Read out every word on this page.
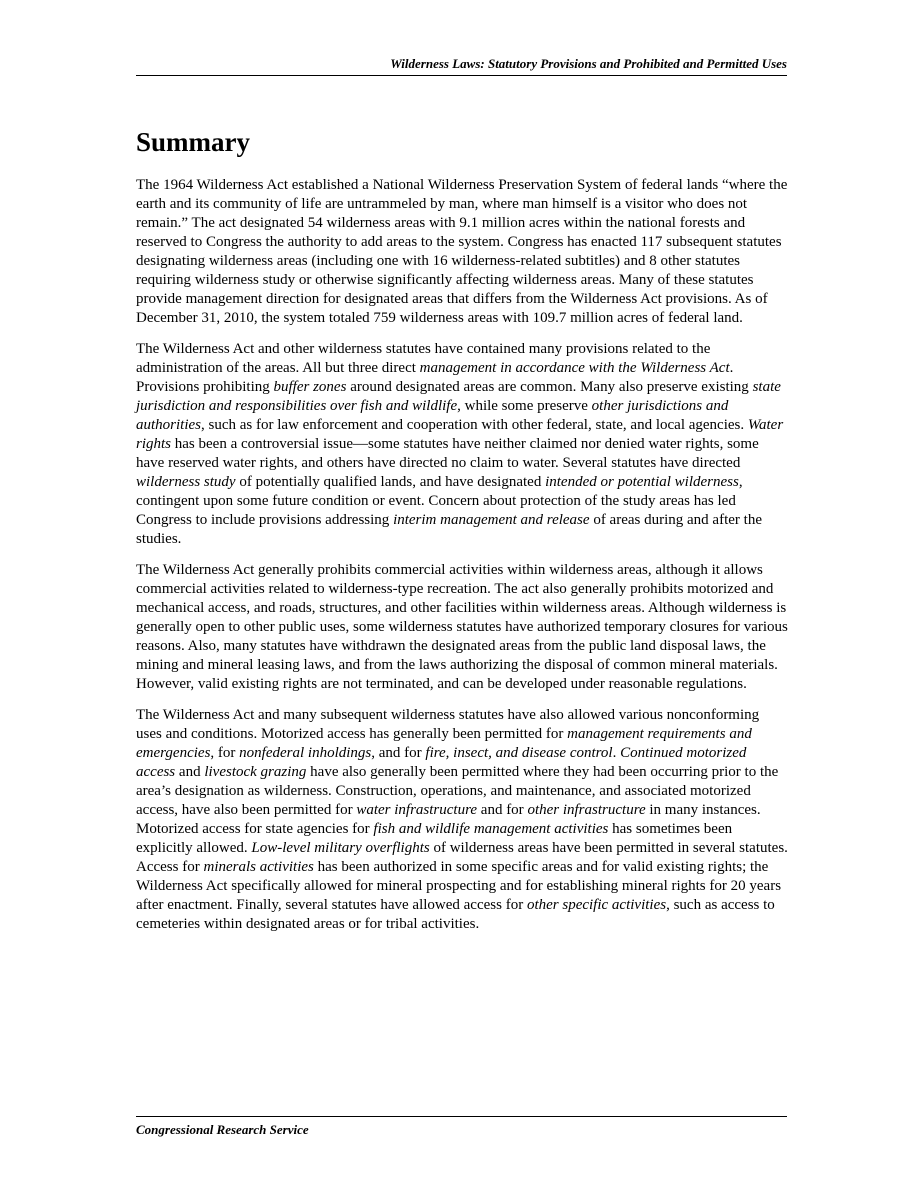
Wilderness Laws: Statutory Provisions and Prohibited and Permitted Uses
Summary

The 1964 Wilderness Act established a National Wilderness Preservation System of federal lands “where the earth and its community of life are untrammeled by man, where man himself is a visitor who does not remain.” The act designated 54 wilderness areas with 9.1 million acres within the national forests and reserved to Congress the authority to add areas to the system. Congress has enacted 117 subsequent statutes designating wilderness areas (including one with 16 wilderness-related subtitles) and 8 other statutes requiring wilderness study or otherwise significantly affecting wilderness areas. Many of these statutes provide management direction for designated areas that differs from the Wilderness Act provisions. As of December 31, 2010, the system totaled 759 wilderness areas with 109.7 million acres of federal land.

The Wilderness Act and other wilderness statutes have contained many provisions related to the administration of the areas. All but three direct management in accordance with the Wilderness Act. Provisions prohibiting buffer zones around designated areas are common. Many also preserve existing state jurisdiction and responsibilities over fish and wildlife, while some preserve other jurisdictions and authorities, such as for law enforcement and cooperation with other federal, state, and local agencies. Water rights has been a controversial issue—some statutes have neither claimed nor denied water rights, some have reserved water rights, and others have directed no claim to water. Several statutes have directed wilderness study of potentially qualified lands, and have designated intended or potential wilderness, contingent upon some future condition or event. Concern about protection of the study areas has led Congress to include provisions addressing interim management and release of areas during and after the studies.

The Wilderness Act generally prohibits commercial activities within wilderness areas, although it allows commercial activities related to wilderness-type recreation. The act also generally prohibits motorized and mechanical access, and roads, structures, and other facilities within wilderness areas. Although wilderness is generally open to other public uses, some wilderness statutes have authorized temporary closures for various reasons. Also, many statutes have withdrawn the designated areas from the public land disposal laws, the mining and mineral leasing laws, and from the laws authorizing the disposal of common mineral materials. However, valid existing rights are not terminated, and can be developed under reasonable regulations.

The Wilderness Act and many subsequent wilderness statutes have also allowed various nonconforming uses and conditions. Motorized access has generally been permitted for management requirements and emergencies, for nonfederal inholdings, and for fire, insect, and disease control. Continued motorized access and livestock grazing have also generally been permitted where they had been occurring prior to the area’s designation as wilderness. Construction, operations, and maintenance, and associated motorized access, have also been permitted for water infrastructure and for other infrastructure in many instances. Motorized access for state agencies for fish and wildlife management activities has sometimes been explicitly allowed. Low-level military overflights of wilderness areas have been permitted in several statutes. Access for minerals activities has been authorized in some specific areas and for valid existing rights; the Wilderness Act specifically allowed for mineral prospecting and for establishing mineral rights for 20 years after enactment. Finally, several statutes have allowed access for other specific activities, such as access to cemeteries within designated areas or for tribal activities.

Congressional Research Service
